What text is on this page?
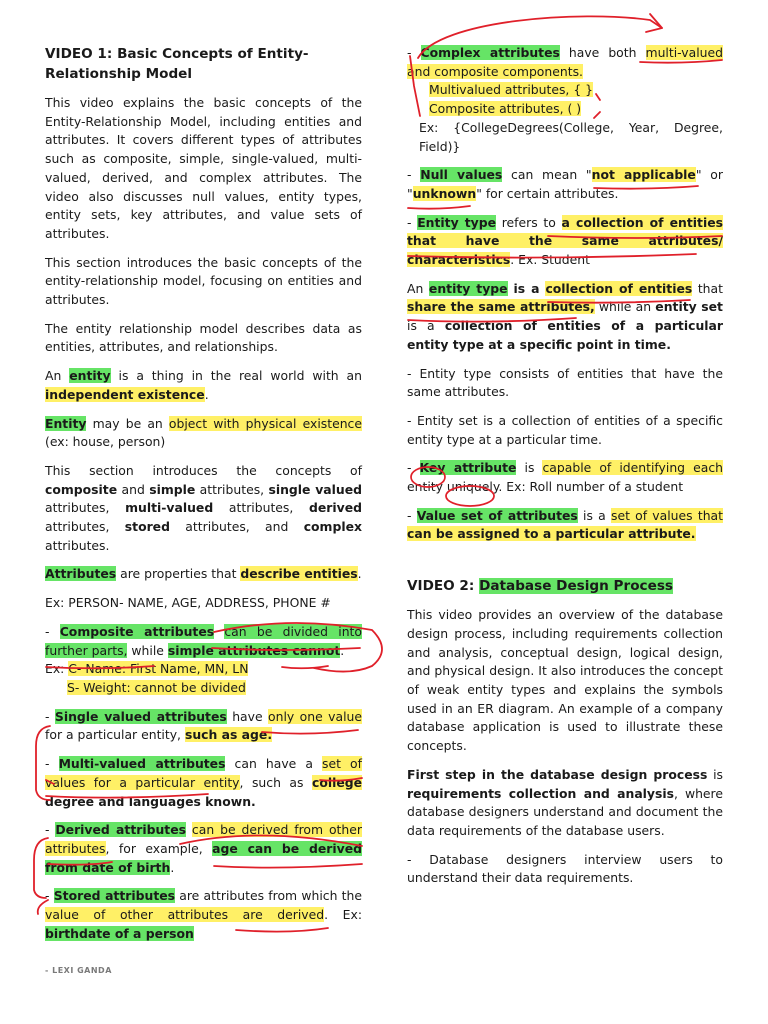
VIDEO 1: Basic Concepts of Entity-Relationship Model

This video explains the basic concepts of the Entity-Relationship Model, including entities and attributes. It covers different types of attributes such as composite, simple, single-valued, multi-valued, derived, and complex attributes. The video also discusses null values, entity types, entity sets, key attributes, and value sets of attributes.

This section introduces the basic concepts of the entity-relationship model, focusing on entities and attributes.

The entity relationship model describes data as entities, attributes, and relationships.

An entity is a thing in the real world with an independent existence.

Entity may be an object with physical existence (ex: house, person)

This section introduces the concepts of composite and simple attributes, single valued attributes, multi-valued attributes, derived attributes, stored attributes, and complex attributes.

Attributes are properties that describe entities.

Ex: PERSON- NAME, AGE, ADDRESS, PHONE #

- Composite attributes can be divided into further parts, while simple attributes cannot.

Ex: C- Name: First Name, MN, LN

S- Weight: cannot be divided

- Single valued attributes have only one value for a particular entity, such as age.

- Multi-valued attributes can have a set of values for a particular entity, such as college degree and languages known.

- Derived attributes can be derived from other attributes, for example, age can be derived from date of birth.

- Stored attributes are attributes from which the value of other attributes are derived. Ex: birthdate of a person

- Complex attributes have both multi-valued and composite components.

Multivalued attributes, { }

Composite attributes, ( )

Ex: {CollegeDegrees(College, Year, Degree, Field)}

- Null values can mean "not applicable" or "unknown" for certain attributes.

- Entity type refers to a collection of entities that have the same attributes/ characteristics. Ex. Student

An entity type is a collection of entities that share the same attributes, while an entity set is a collection of entities of a particular entity type at a specific point in time.

- Entity type consists of entities that have the same attributes.

- Entity set is a collection of entities of a specific entity type at a particular time.

- Key attribute is capable of identifying each entity uniquely. Ex: Roll number of a student

- Value set of attributes is a set of values that can be assigned to a particular attribute.

VIDEO 2: Database Design Process

This video provides an overview of the database design process, including requirements collection and analysis, conceptual design, logical design, and physical design. It also introduces the concept of weak entity types and explains the symbols used in an ER diagram. An example of a company database application is used to illustrate these concepts.

First step in the database design process is requirements collection and analysis, where database designers understand and document the data requirements of the database users.

- Database designers interview users to understand their data requirements.

- LEXI GANDA
